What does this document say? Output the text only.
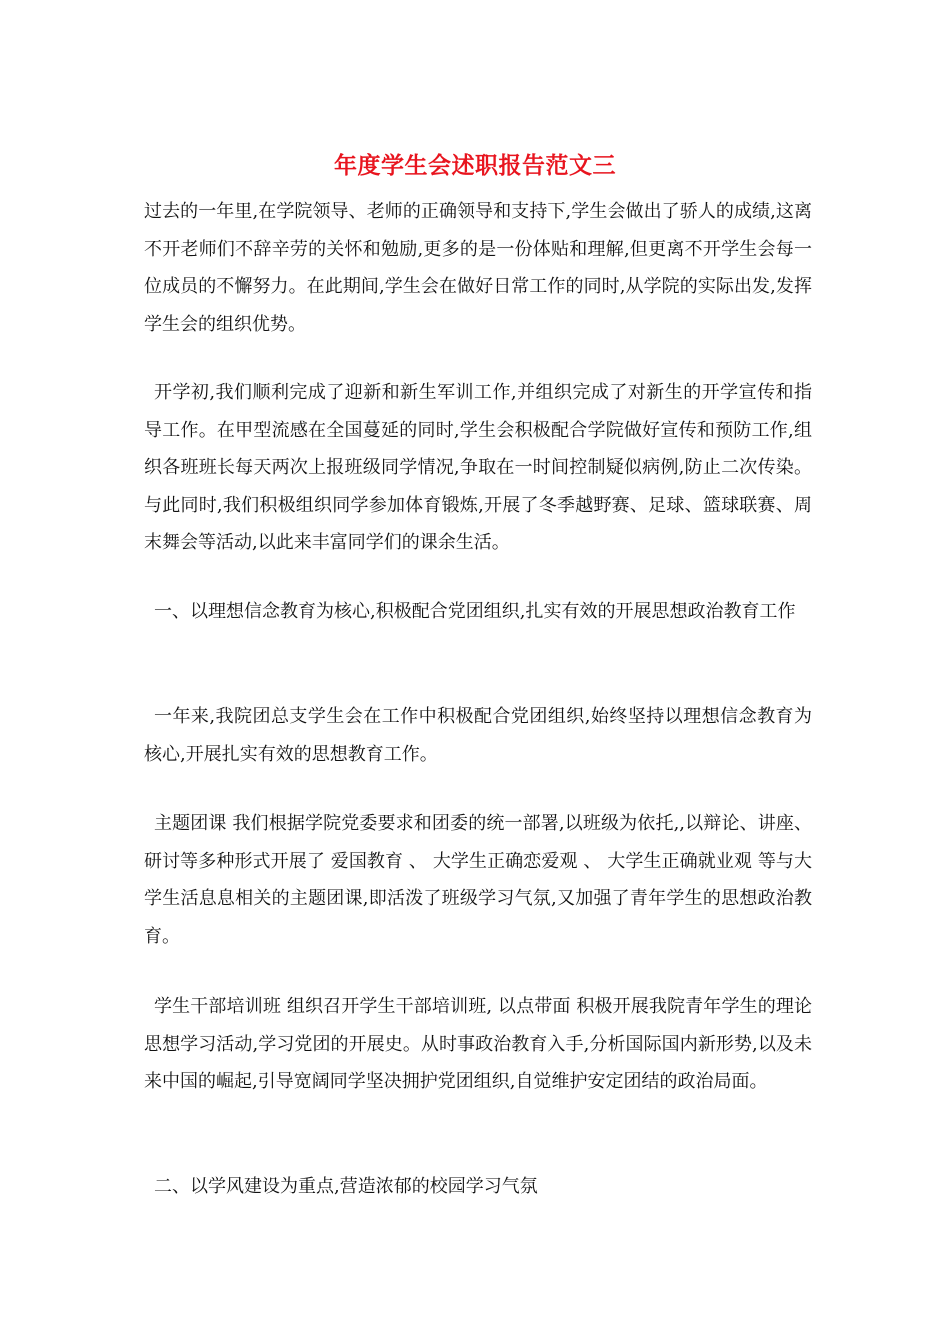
年度学生会述职报告范文三

过去的一年里,在学院领导、老师的正确领导和支持下,学生会做出了骄人的成绩,这离不开老师们不辞辛劳的关怀和勉励,更多的是一份体贴和理解,但更离不开学生会每一位成员的不懈努力。在此期间,学生会在做好日常工作的同时,从学院的实际出发,发挥学生会的组织优势。

开学初,我们顺利完成了迎新和新生军训工作,并组织完成了对新生的开学宣传和指导工作。在甲型流感在全国蔓延的同时,学生会积极配合学院做好宣传和预防工作,组织各班班长每天两次上报班级同学情况,争取在一时间控制疑似病例,防止二次传染。与此同时,我们积极组织同学参加体育锻炼,开展了冬季越野赛、足球、篮球联赛、周末舞会等活动,以此来丰富同学们的课余生活。

一、以理想信念教育为核心,积极配合党团组织,扎实有效的开展思想政治教育工作

一年来,我院团总支学生会在工作中积极配合党团组织,始终坚持以理想信念教育为核心,开展扎实有效的思想教育工作。

主题团课 我们根据学院党委要求和团委的统一部署,以班级为依托,,以辩论、讲座、研讨等多种形式开展了 爱国教育 、 大学生正确恋爱观 、 大学生正确就业观 等与大学生活息息相关的主题团课,即活泼了班级学习气氛,又加强了青年学生的思想政治教育。

学生干部培训班 组织召开学生干部培训班, 以点带面 积极开展我院青年学生的理论思想学习活动,学习党团的开展史。从时事政治教育入手,分析国际国内新形势,以及未来中国的崛起,引导宽阔同学坚决拥护党团组织,自觉维护安定团结的政治局面。

二、以学风建设为重点,营造浓郁的校园学习气氛
